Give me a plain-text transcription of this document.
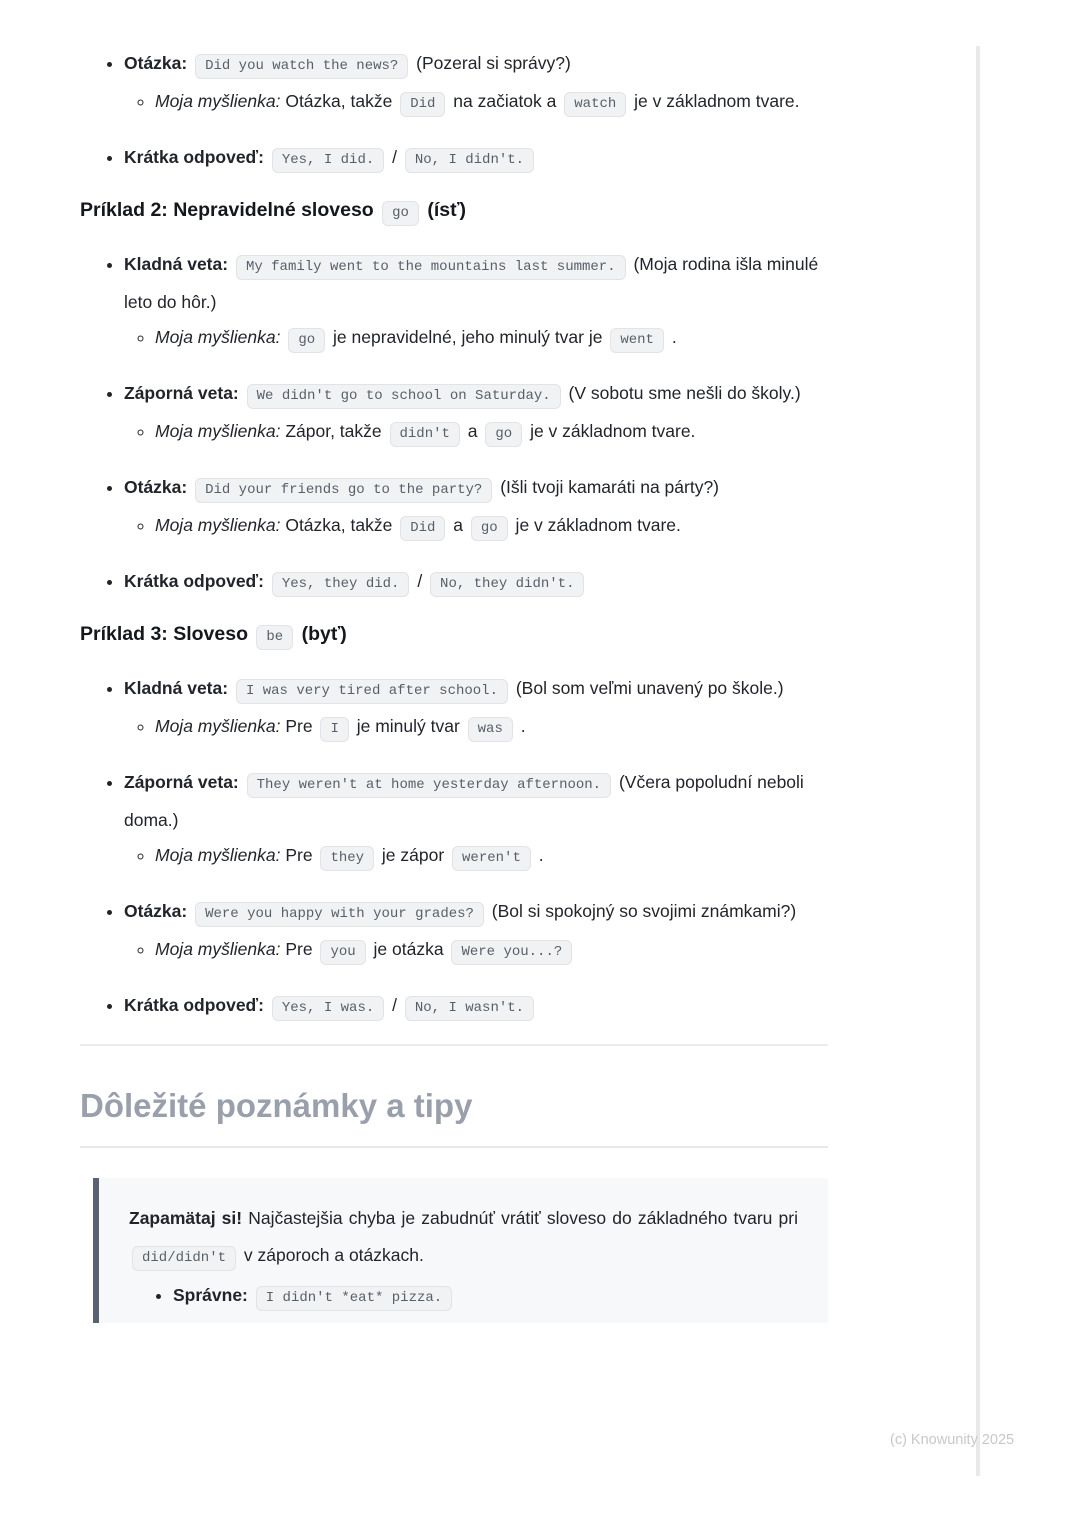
• Otázka: Did you watch the news? (Pozeral si správy?)
◦ Moja myšlienka: Otázka, takže Did na začiatok a watch je v základnom tvare.
• Krátka odpoveď: Yes, I did. / No, I didn't.
Príklad 2: Nepravidelné sloveso go (ísť)
• Kladná veta: My family went to the mountains last summer. (Moja rodina išla minulé leto do hôr.)
◦ Moja myšlienka: go je nepravidelné, jeho minulý tvar je went .
• Záporná veta: We didn't go to school on Saturday. (V sobotu sme nešli do školy.)
◦ Moja myšlienka: Zápor, takže didn't a go je v základnom tvare.
• Otázka: Did your friends go to the party? (Išli tvoji kamaráti na párty?)
◦ Moja myšlienka: Otázka, takže Did a go je v základnom tvare.
• Krátka odpoveď: Yes, they did. / No, they didn't.
Príklad 3: Sloveso be (byť)
• Kladná veta: I was very tired after school. (Bol som veľmi unavený po škole.)
◦ Moja myšlienka: Pre I je minulý tvar was .
• Záporná veta: They weren't at home yesterday afternoon. (Včera popoludní neboli doma.)
◦ Moja myšlienka: Pre they je zápor weren't .
• Otázka: Were you happy with your grades? (Bol si spokojný so svojimi známkami?)
◦ Moja myšlienka: Pre you je otázka Were you...?
• Krátka odpoveď: Yes, I was. / No, I wasn't.
Dôležité poznámky a tipy

Zapamätaj si! Najčastejšia chyba je zabudnúť vrátiť sloveso do základného tvaru pri did/didn't v záporoch a otázkach.

• Správne: I didn't *eat* pizza.
(c) Knowunity 2025
